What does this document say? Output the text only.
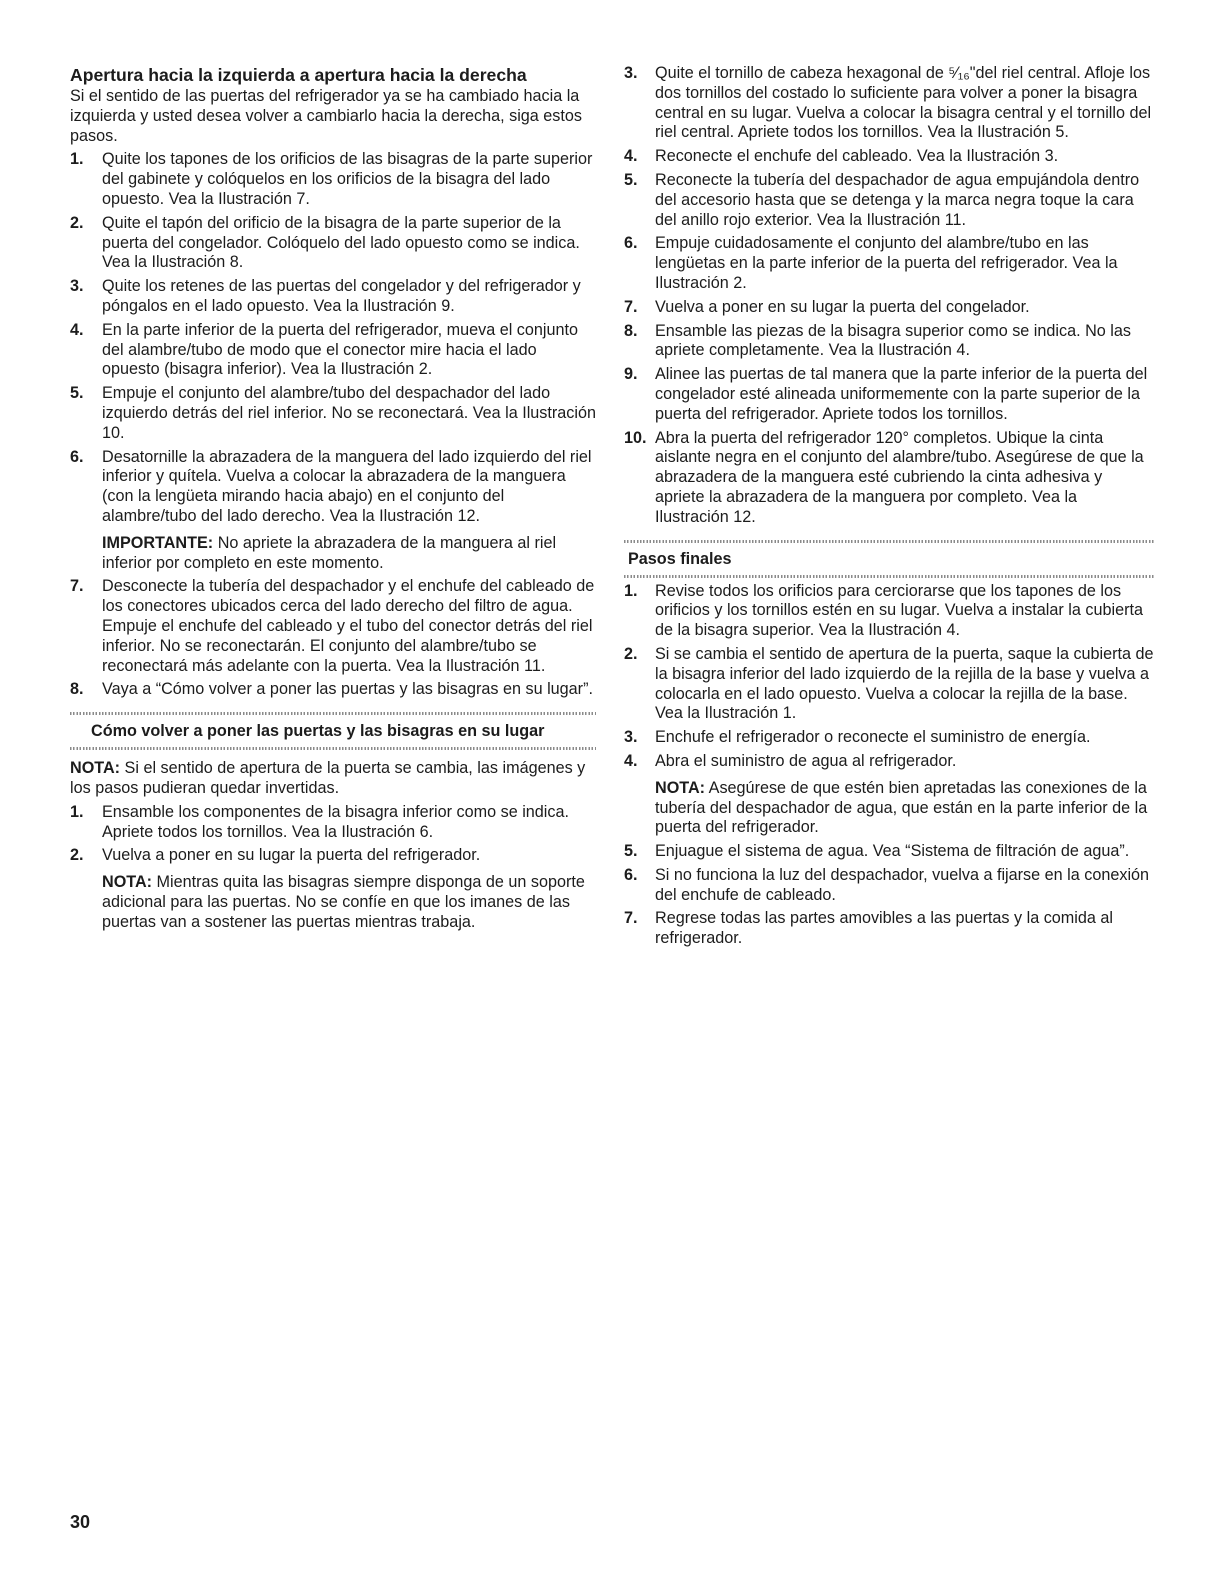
Apertura hacia la izquierda a apertura hacia la derecha

Si el sentido de las puertas del refrigerador ya se ha cambiado hacia la izquierda y usted desea volver a cambiarlo hacia la derecha, siga estos pasos.

1. Quite los tapones de los orificios de las bisagras de la parte superior del gabinete y colóquelos en los orificios de la bisagra del lado opuesto. Vea la Ilustración 7.
2. Quite el tapón del orificio de la bisagra de la parte superior de la puerta del congelador. Colóquelo del lado opuesto como se indica. Vea la Ilustración 8.
3. Quite los retenes de las puertas del congelador y del refrigerador y póngalos en el lado opuesto. Vea la Ilustración 9.
4. En la parte inferior de la puerta del refrigerador, mueva el conjunto del alambre/tubo de modo que el conector mire hacia el lado opuesto (bisagra inferior). Vea la Ilustración 2.
5. Empuje el conjunto del alambre/tubo del despachador del lado izquierdo detrás del riel inferior. No se reconectará. Vea la Ilustración 10.
6. Desatornille la abrazadera de la manguera del lado izquierdo del riel inferior y quítela. Vuelva a colocar la abrazadera de la manguera (con la lengüeta mirando hacia abajo) en el conjunto del alambre/tubo del lado derecho. Vea la Ilustración 12.
IMPORTANTE: No apriete la abrazadera de la manguera al riel inferior por completo en este momento.
7. Desconecte la tubería del despachador y el enchufe del cableado de los conectores ubicados cerca del lado derecho del filtro de agua. Empuje el enchufe del cableado y el tubo del conector detrás del riel inferior. No se reconectarán. El conjunto del alambre/tubo se reconectará más adelante con la puerta. Vea la Ilustración 11.
8. Vaya a “Cómo volver a poner las puertas y las bisagras en su lugar”.
Cómo volver a poner las puertas y las bisagras en su lugar

NOTA: Si el sentido de apertura de la puerta se cambia, las imágenes y los pasos pudieran quedar invertidas.

1. Ensamble los componentes de la bisagra inferior como se indica. Apriete todos los tornillos. Vea la Ilustración 6.
2. Vuelva a poner en su lugar la puerta del refrigerador.
NOTA: Mientras quita las bisagras siempre disponga de un soporte adicional para las puertas. No se confíe en que los imanes de las puertas van a sostener las puertas mientras trabaja.
3. Quite el tornillo de cabeza hexagonal de ⁵⁄₁₆"del riel central. Afloje los dos tornillos del costado lo suficiente para volver a poner la bisagra central en su lugar. Vuelva a colocar la bisagra central y el tornillo del riel central. Apriete todos los tornillos. Vea la Ilustración 5.
4. Reconecte el enchufe del cableado. Vea la Ilustración 3.
5. Reconecte la tubería del despachador de agua empujándola dentro del accesorio hasta que se detenga y la marca negra toque la cara del anillo rojo exterior. Vea la Ilustración 11.
6. Empuje cuidadosamente el conjunto del alambre/tubo en las lengüetas en la parte inferior de la puerta del refrigerador. Vea la Ilustración 2.
7. Vuelva a poner en su lugar la puerta del congelador.
8. Ensamble las piezas de la bisagra superior como se indica. No las apriete completamente. Vea la Ilustración 4.
9. Alinee las puertas de tal manera que la parte inferior de la puerta del congelador esté alineada uniformemente con la parte superior de la puerta del refrigerador. Apriete todos los tornillos.
10. Abra la puerta del refrigerador 120° completos. Ubique la cinta aislante negra en el conjunto del alambre/tubo. Asegúrese de que la abrazadera de la manguera esté cubriendo la cinta adhesiva y apriete la abrazadera de la manguera por completo. Vea la Ilustración 12.
Pasos finales
1. Revise todos los orificios para cerciorarse que los tapones de los orificios y los tornillos estén en su lugar. Vuelva a instalar la cubierta de la bisagra superior. Vea la Ilustración 4.
2. Si se cambia el sentido de apertura de la puerta, saque la cubierta de la bisagra inferior del lado izquierdo de la rejilla de la base y vuelva a colocarla en el lado opuesto. Vuelva a colocar la rejilla de la base. Vea la Ilustración 1.
3. Enchufe el refrigerador o reconecte el suministro de energía.
4. Abra el suministro de agua al refrigerador.
NOTA: Asegúrese de que estén bien apretadas las conexiones de la tubería del despachador de agua, que están en la parte inferior de la puerta del refrigerador.
5. Enjuague el sistema de agua. Vea “Sistema de filtración de agua”.
6. Si no funciona la luz del despachador, vuelva a fijarse en la conexión del enchufe de cableado.
7. Regrese todas las partes amovibles a las puertas y la comida al refrigerador.
30
